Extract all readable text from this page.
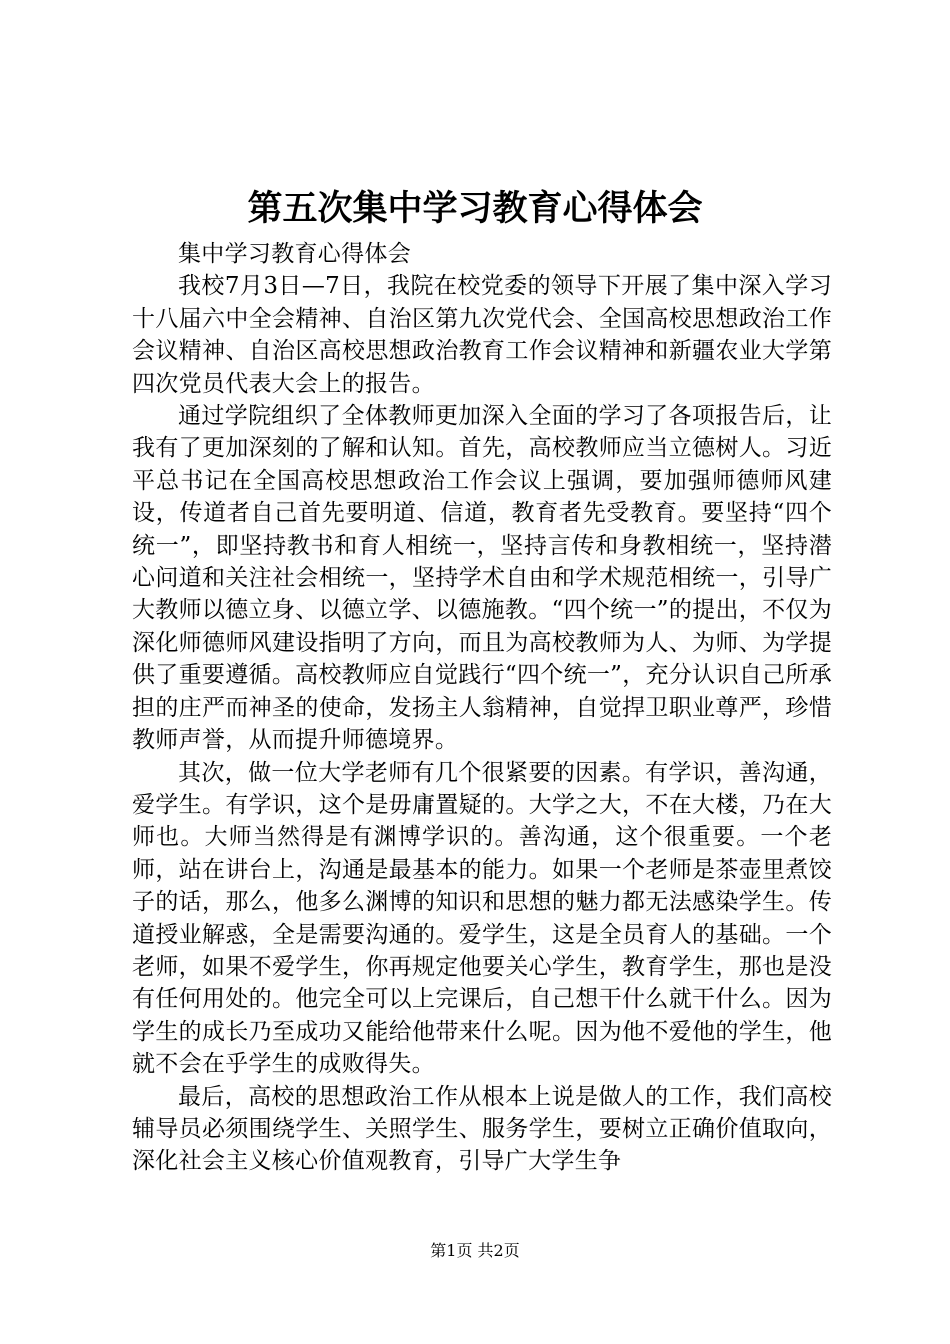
第五次集中学习教育心得体会

集中学习教育心得体会

我校7月3日—7日，我院在校党委的领导下开展了集中深入学习十八届六中全会精神、自治区第九次党代会、全国高校思想政治工作会议精神、自治区高校思想政治教育工作会议精神和新疆农业大学第四次党员代表大会上的报告。

通过学院组织了全体教师更加深入全面的学习了各项报告后，让我有了更加深刻的了解和认知。首先，高校教师应当立德树人。习近平总书记在全国高校思想政治工作会议上强调，要加强师德师风建设，传道者自己首先要明道、信道，教育者先受教育。要坚持“四个统一”，即坚持教书和育人相统一，坚持言传和身教相统一，坚持潜心问道和关注社会相统一，坚持学术自由和学术规范相统一，引导广大教师以德立身、以德立学、以德施教。“四个统一”的提出，不仅为深化师德师风建设指明了方向，而且为高校教师为人、为师、为学提供了重要遵循。高校教师应自觉践行“四个统一”，充分认识自己所承担的庄严而神圣的使命，发扬主人翁精神，自觉捍卫职业尊严，珍惜教师声誉，从而提升师德境界。

其次，做一位大学老师有几个很紧要的因素。有学识，善沟通，爱学生。有学识，这个是毋庸置疑的。大学之大，不在大楼，乃在大师也。大师当然得是有渊博学识的。善沟通，这个很重要。一个老师，站在讲台上，沟通是最基本的能力。如果一个老师是茶壶里煮饺子的话，那么，他多么渊博的知识和思想的魅力都无法感染学生。传道授业解惑，全是需要沟通的。爱学生，这是全员育人的基础。一个老师，如果不爱学生，你再规定他要关心学生，教育学生，那也是没有任何用处的。他完全可以上完课后，自己想干什么就干什么。因为学生的成长乃至成功又能给他带来什么呢。因为他不爱他的学生，他就不会在乎学生的成败得失。

最后，高校的思想政治工作从根本上说是做人的工作，我们高校辅导员必须围绕学生、关照学生、服务学生，要树立正确价值取向，深化社会主义核心价值观教育，引导广大学生争

第1页 共2页
